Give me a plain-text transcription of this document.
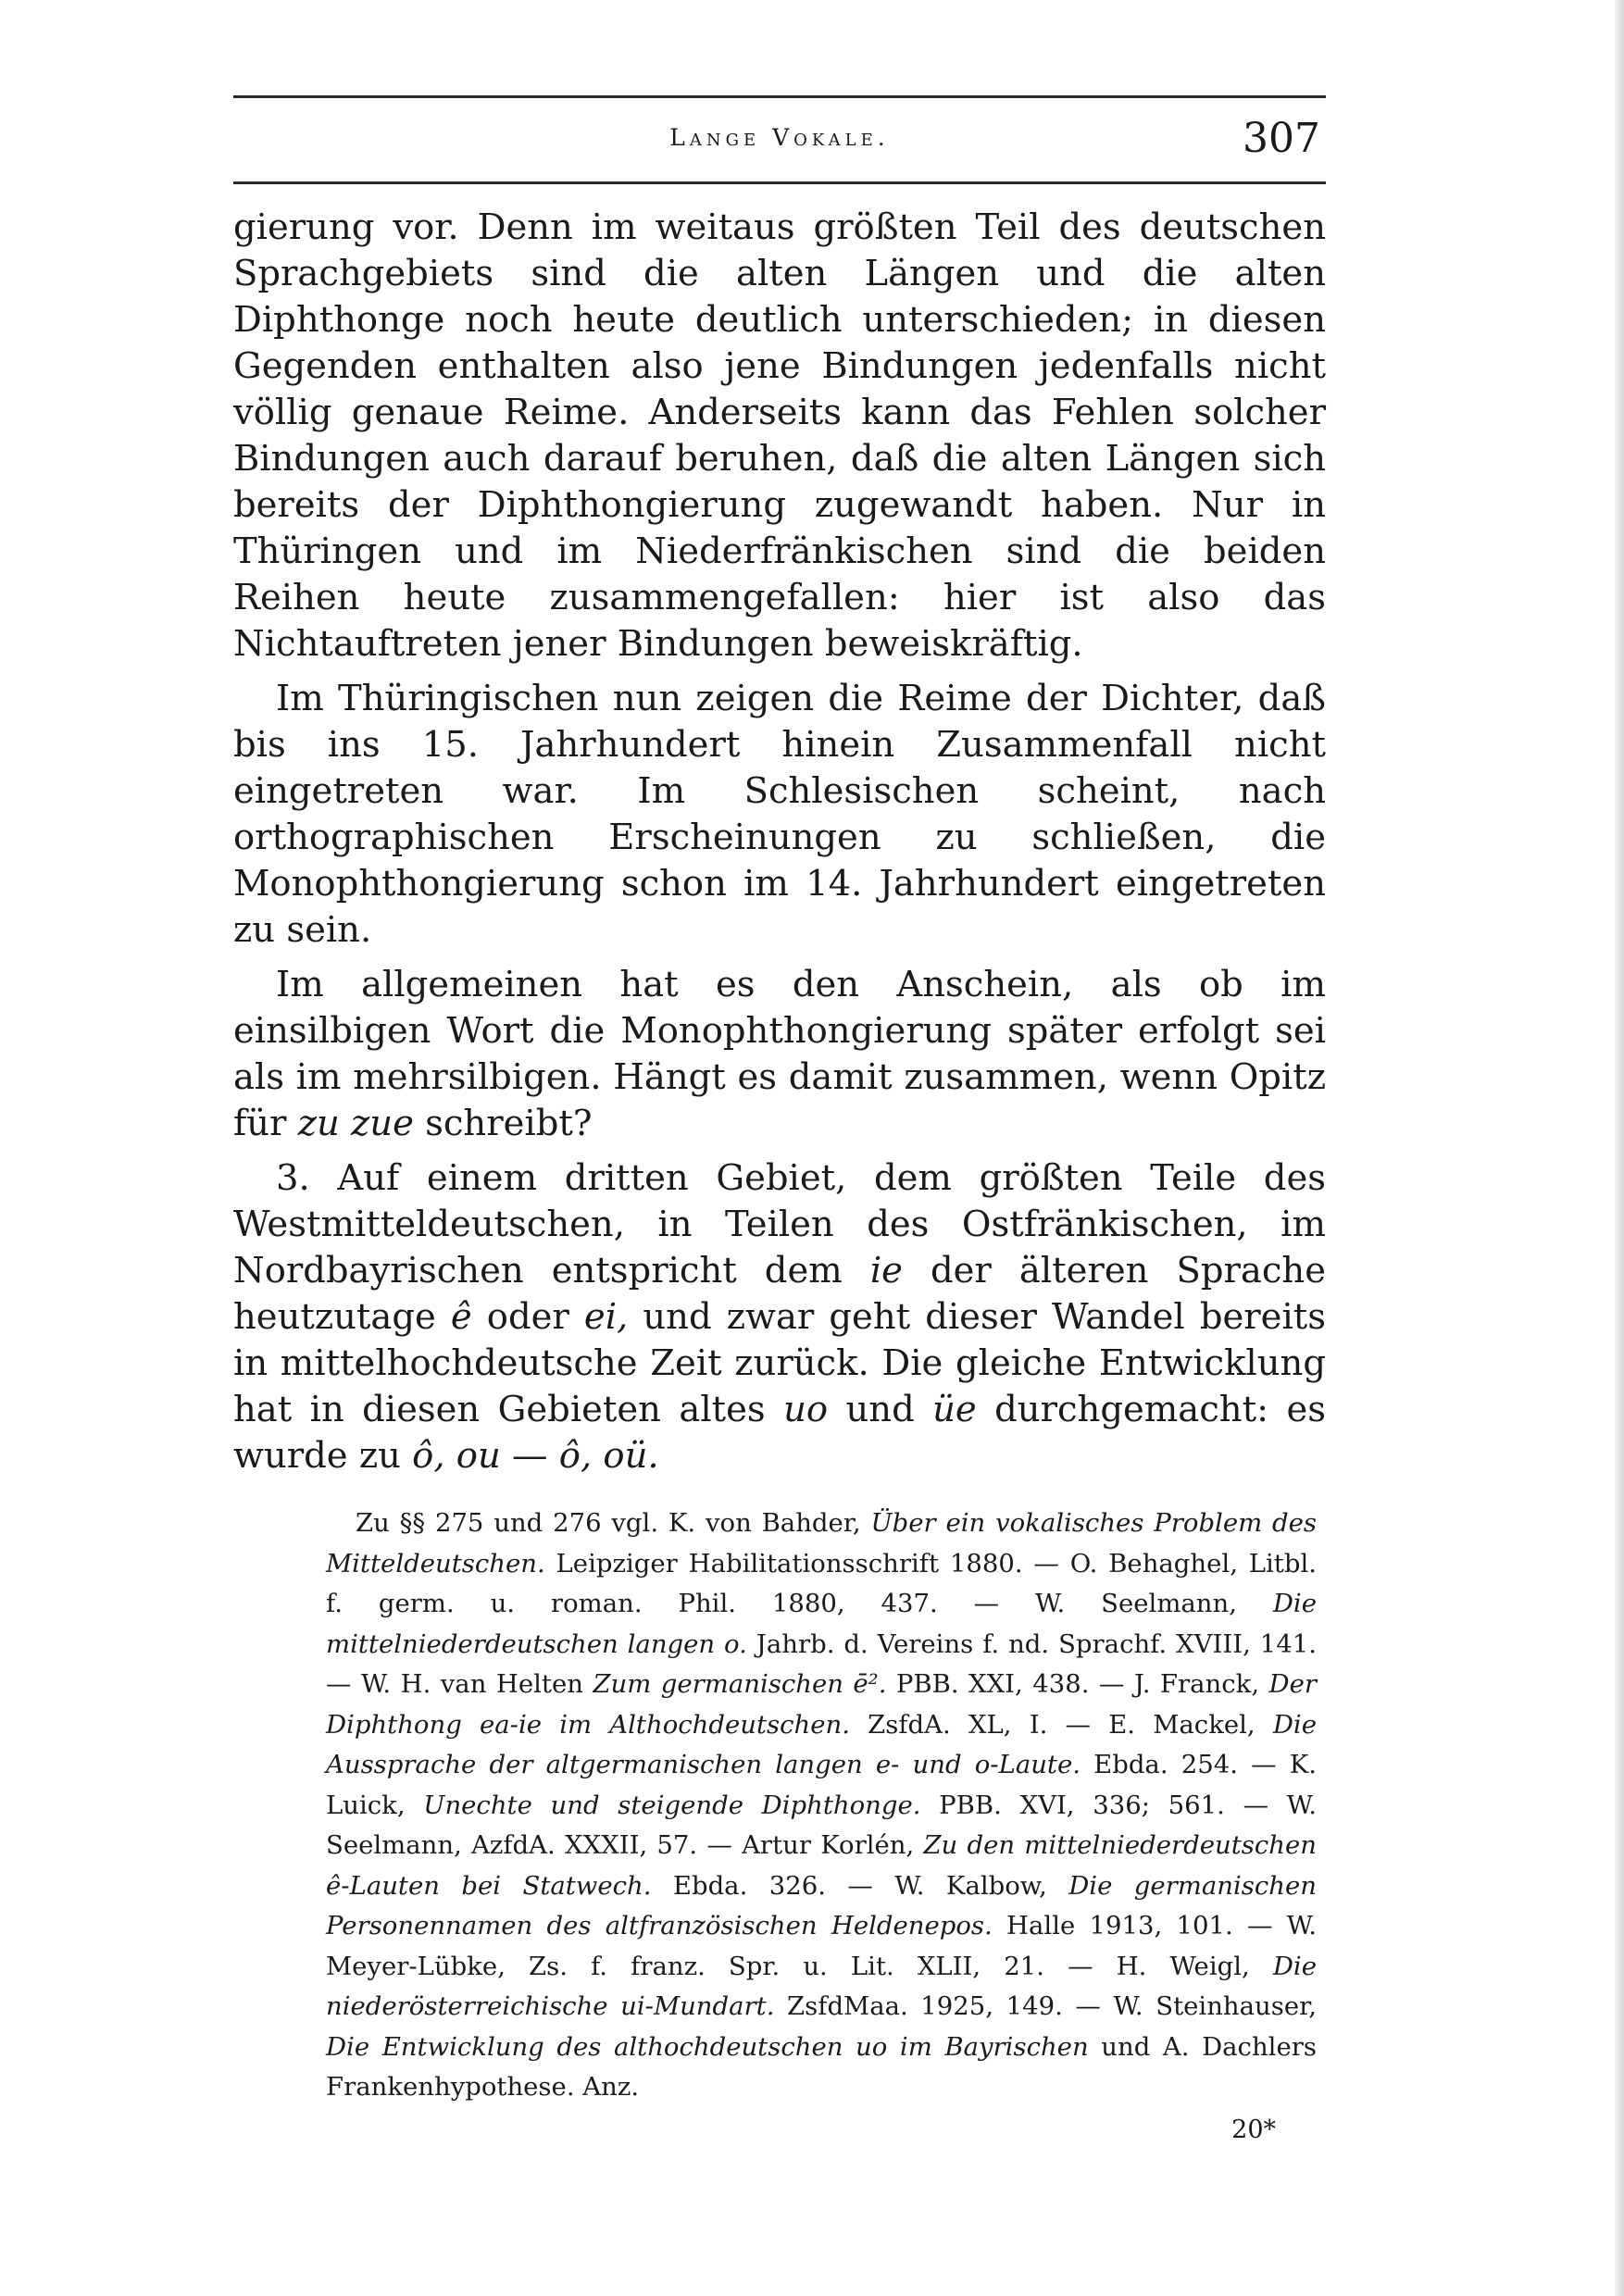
Lange Vokale.	307

gierung vor. Denn im weitaus größten Teil des deutschen Sprachgebiets sind die alten Längen und die alten Diphthonge noch heute deutlich unterschieden; in diesen Gegenden enthalten also jene Bindungen jedenfalls nicht völlig genaue Reime. Anderseits kann das Fehlen solcher Bindungen auch darauf beruhen, daß die alten Längen sich bereits der Diphthongierung zugewandt haben. Nur in Thüringen und im Niederfränkischen sind die beiden Reihen heute zusammengefallen: hier ist also das Nichtauftreten jener Bindungen beweiskräftig.

Im Thüringischen nun zeigen die Reime der Dichter, daß bis ins 15. Jahrhundert hinein Zusammenfall nicht eingetreten war. Im Schlesischen scheint, nach orthographischen Erscheinungen zu schließen, die Monophthongierung schon im 14. Jahrhundert eingetreten zu sein.

Im allgemeinen hat es den Anschein, als ob im einsilbigen Wort die Monophthongierung später erfolgt sei als im mehrsilbigen. Hängt es damit zusammen, wenn Opitz für zu zue schreibt?

3. Auf einem dritten Gebiet, dem größten Teile des Westmitteldeutschen, in Teilen des Ostfränkischen, im Nordbayrischen entspricht dem ie der älteren Sprache heutzutage ê oder ei, und zwar geht dieser Wandel bereits in mittelhochdeutsche Zeit zurück. Die gleiche Entwicklung hat in diesen Gebieten altes uo und üe durchgemacht: es wurde zu ô, ou — ô, oü.

Zu §§ 275 und 276 vgl. K. von Bahder, Über ein vokalisches Problem des Mitteldeutschen. Leipziger Habilitationsschrift 1880. — O. Behaghel, Litbl. f. germ. u. roman. Phil. 1880, 437. — W. Seelmann, Die mittelniederdeutschen langen o. Jahrb. d. Vereins f. nd. Sprachf. XVIII, 141. — W. H. van Helten Zum germanischen ē². PBB. XXI, 438. — J. Franck, Der Diphthong ea-ie im Althochdeutschen. ZsfdA. XL, I. — E. Mackel, Die Aussprache der altgermanischen langen e- und o-Laute. Ebda. 254. — K. Luick, Unechte und steigende Diphthonge. PBB. XVI, 336; 561. — W. Seelmann, AzfdA. XXXII, 57. — Artur Korlén, Zu den mittelniederdeutschen ê-Lauten bei Statwech. Ebda. 326. — W. Kalbow, Die germanischen Personennamen des altfranzösischen Heldenepos. Halle 1913, 101. — W. Meyer-Lübke, Zs. f. franz. Spr. u. Lit. XLII, 21. — H. Weigl, Die niederösterreichische ui-Mundart. ZsfdMaa. 1925, 149. — W. Steinhauser, Die Entwicklung des althochdeutschen uo im Bayrischen und A. Dachlers Frankenhypothese. Anz.

20*
